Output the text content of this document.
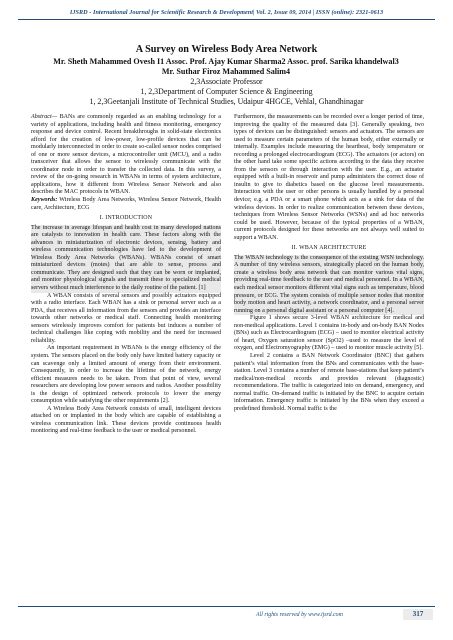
IJSRD - International Journal for Scientific Research & Development| Vol. 2, Issue 09, 2014 | ISSN (online): 2321-0613
A Survey on Wireless Body Area Network
Mr. Sheth Mahammed Ovesh I1 Assoc. Prof. Ajay Kumar Sharma2 Assoc. prof. Sarika khandelwal3 Mr. Suthar Firoz Mahammed Salim4
2,3Associate Professor
1, 2,3Department of Computer Science & Engineering
1, 2,3Geetanjali Institute of Technical Studies, Udaipur 4HGCE, Vehlal, Ghandhinagar

Abstract— BANs are commonly regarded as an enabling technology for a variety of applications, including health and fitness monitoring, emergency response and device control. Recent breakthroughs in solid-state electronics afford for the creation of low-power, low-profile devices that can be modularly interconnected in order to create so-called sensor nodes comprised of one or more sensor devices, a microcontroller unit (MCU), and a radio transceiver that allows the sensor to wirelessly communicate with the coordinator node in order to transfer the collected data. In this survey, a review of the on-going research in WBANs in terms of system architecture, applications, how it different from Wireless Sensor Network and also describes the MAC protocols in WBAN.

Keywords: Wireless Body Area Networks, Wireless Sensor Network, Health care, Architecture, ECG

I. INTRODUCTION

The increase in average lifespan and health cost in many developed nations are catalysts to innovation in health care. These factors along with the advances in miniaturization of electronic devices, sensing, battery and wireless communication technologies have led to the development of Wireless Body Area Networks (WBANs). WBANs consist of smart miniaturized devices (motes) that are able to sense, process and communicate. They are designed such that they can be worn or implanted, and monitor physiological signals and transmit these to specialized medical servers without much interference to the daily routine of the patient. [1]

A WBAN consists of several sensors and possibly actuators equipped with a radio interface. Each WBAN has a sink or personal server such as a PDA, that receives all information from the sensors and provides an interface towards other networks or medical staff. Connecting health monitoring sensors wirelessly improves comfort for patients but induces a number of technical challenges like coping with mobility and the need for increased reliability.

An important requirement in WBANs is the energy efficiency of the system. The sensors placed on the body only have limited battery capacity or can scavenge only a limited amount of energy from their environment. Consequently, in order to increase the lifetime of the network, energy efficient measures needs to be taken. From that point of view, several researchers are developing low power sensors and radios. Another possibility is the design of optimized network protocols to lower the energy consumption while satisfying the other requirements [2].

A Wireless Body Area Network consists of small, intelligent devices attached on or implanted in the body which are capable of establishing a wireless communication link. These devices provide continuous health monitoring and real-time feedback to the user or medical personnel.

Furthermore, the measurements can be recorded over a longer period of time, improving the quality of the measured data [3]. Generally speaking, two types of devices can be distinguished: sensors and actuators. The sensors are used to measure certain parameters of the human body, either externally or internally. Examples include measuring the heartbeat, body temperature or recording a prolonged electrocardiogram (ECG). The actuators (or actors) on the other hand take some specific actions according to the data they receive from the sensors or through interaction with the user. E.g., an actuator equipped with a built-in reservoir and pump administers the correct dose of insulin to give to diabetics based on the glucose level measurements. Interaction with the user or other persons is usually handled by a personal device; e.g. a PDA or a smart phone which acts as a sink for data of the wireless devices. In order to realize communication between these devices, techniques from Wireless Sensor Networks (WSNs) and ad hoc networks could be used. However, because of the typical properties of a WBAN, current protocols designed for these networks are not always well suited to support a WBAN.

II. WBAN ARCHITECTURE

The WBAN technology is the consequence of the existing WSN technology. A number of tiny wireless sensors, strategically placed on the human body, create a wireless body area network that can monitor various vital signs, providing real-time feedback to the user and medical personnel. In a WBAN, each medical sensor monitors different vital signs such as temperature, blood pressure, or ECG. The system consists of multiple sensor nodes that monitor body motion and heart activity, a network coordinator, and a personal server running on a personal digital assistant or a personal computer [4].

Figure 1 shows secure 3-level WBAN architecture for medical and non-medical applications. Level 1 contains in-body and on-body BAN Nodes (BNs) such as Electrocardiogram (ECG) – used to monitor electrical activity of heart, Oxygen saturation sensor (SpO2) –used to measure the level of oxygen, and Electromyography (EMG) – used to monitor muscle activity [5].

Level 2 contains a BAN Network Coordinator (BNC) that gathers patient’s vital information from the BNs and communicates with the base-station. Level 3 contains a number of remote base-stations that keep patient’s medical/non-medical records and provides relevant (diagnostic) recommendations. The traffic is categorized into on demand, emergency, and normal traffic. On-demand traffic is initiated by the BNC to acquire certain information. Emergency traffic is initiated by the BNs when they exceed a predefined threshold. Normal traffic is the

All rights reserved by www.ijsrd.com	317
